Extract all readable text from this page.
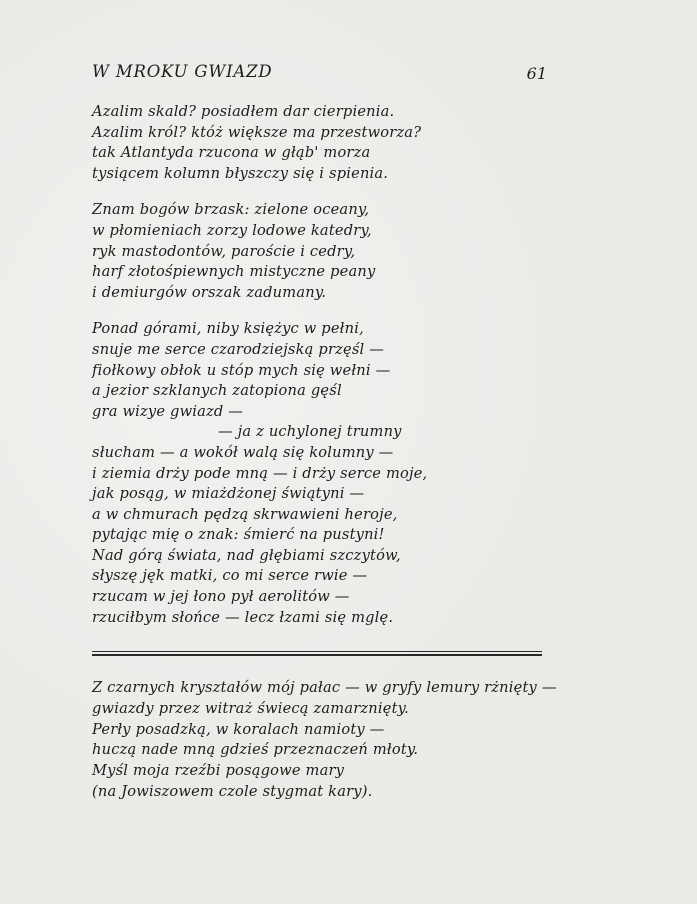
W MROKU GWIAZD	61
Azalim skald? posiadłem dar cierpienia.
Azalim król? któż większe ma przestworza?
tak Atlantyda rzucona w głąb' morza
tysiącem kolumn błyszczy się i spienia.
Znam bogów brzask: zielone oceany,
w płomieniach zorzy lodowe katedry,
ryk mastodontów, paroście i cedry,
harf złotośpiewnych mistyczne peany
i demiurgów orszak zadumany.
Ponad górami, niby księżyc w pełni,
snuje me serce czarodziejską przęśl —
fiołkowy obłok u stóp mych się wełni —
a jezior szklanych zatopiona gęśl
gra wizye gwiazd —
— ja z uchylonej trumny
słucham — a wokół walą się kolumny —
i ziemia drży pode mną — i drży serce moje,
jak posąg, w miażdżonej świątyni —
a w chmurach pędzą skrwawieni heroje,
pytając mię o znak: śmierć na pustyni!
Nad górą świata, nad głębiami szczytów,
słyszę jęk matki, co mi serce rwie —
rzucam w jej łono pył aerolitów —
rzuciłbym słońce — lecz łzami się mglę.
Z czarnych kryształów mój pałac — w gryfy lemury rżnięty —
gwiazdy przez witraż świecą zamarznięty.
Perły posadzką, w koralach namioty —
huczą nade mną gdzieś przeznaczeń młoty.
Myśl moja rzeźbi posągowe mary
(na Jowiszowem czole stygmat kary).
